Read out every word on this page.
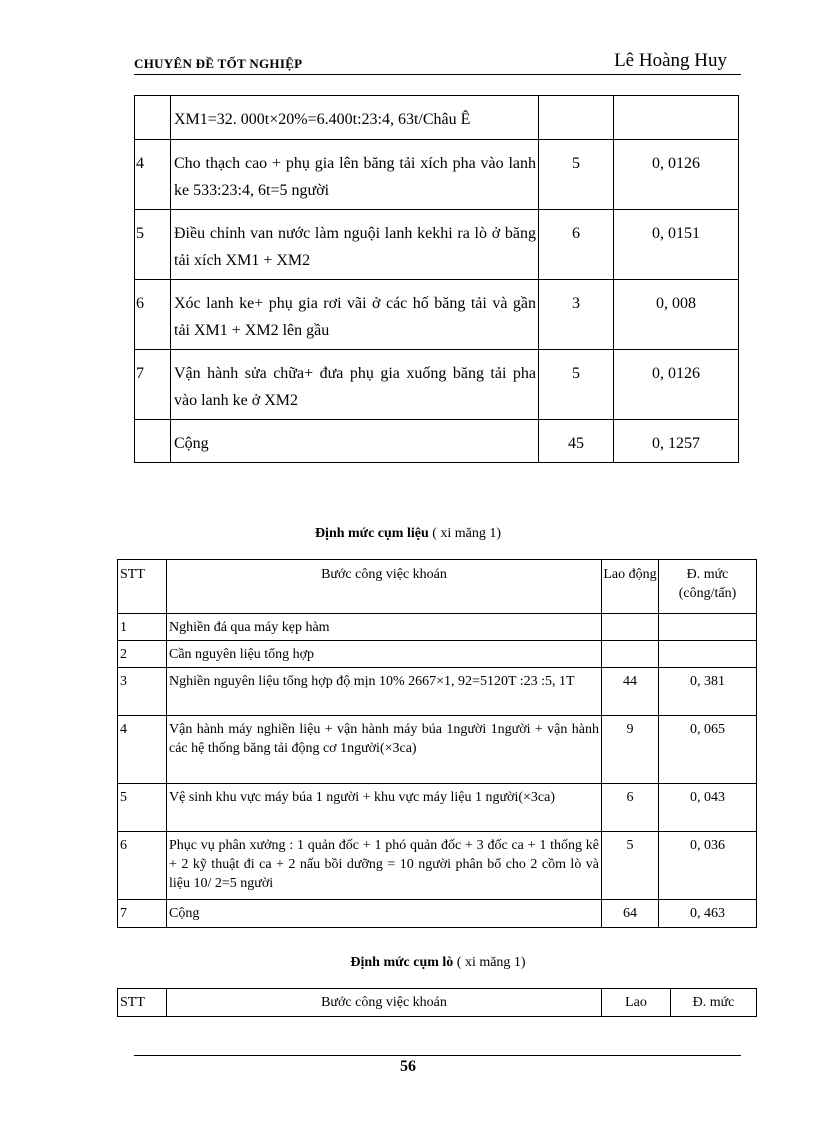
CHUYÊN ĐỀ TỐT NGHIỆP	Lê Hoàng Huy
	XM1=32. 000t×20%=6.400t:23:4, 63t/Châu Ê		
4	Cho thạch cao + phụ gia lên băng tải xích pha vào lanh ke 533:23:4, 6t=5 người	5	0, 0126
5	Điều chỉnh van nước làm nguội lanh kekhi ra lò ở băng tải xích XM1 + XM2	6	0, 0151
6	Xóc lanh ke+ phụ gia rơi vãi ở các hố băng tải và gần tải XM1 + XM2 lên gầu	3	0, 008
7	Vận hành sửa chữa+ đưa phụ gia xuống băng tải pha vào lanh ke ở XM2	5	0, 0126
	Cộng	45	0, 1257
Định mức cụm liệu ( xi măng 1)
STT	Bước công việc khoán	Lao động	Đ. mức (công/tấn)
1	Nghiền đá qua máy kẹp hàm		
2	Cần nguyên liệu tổng hợp		
3	Nghiền nguyên liệu tổng hợp độ mịn 10% 2667×1, 92=5120T :23 :5, 1T	44	0, 381
4	Vận hành máy nghiền liệu + vận hành máy búa 1người 1người + vận hành các hệ thống băng tải động cơ 1người(×3ca)	9	0, 065
5	Vệ sinh khu vực máy búa 1 người + khu vực máy liệu 1 người(×3ca)	6	0, 043
6	Phục vụ phân xưởng : 1 quản đốc + 1 phó quản đốc + 3 đốc ca + 1 thống kê + 2 kỹ thuật đi ca + 2 nấu bồi dưỡng = 10 người phân bổ cho 2 cồm lò và liệu 10/ 2=5 người	5	0, 036
7	Cộng	64	0, 463
Định mức cụm lò ( xi măng 1)
STT	Bước công việc khoán	Lao	Đ. mức
56
